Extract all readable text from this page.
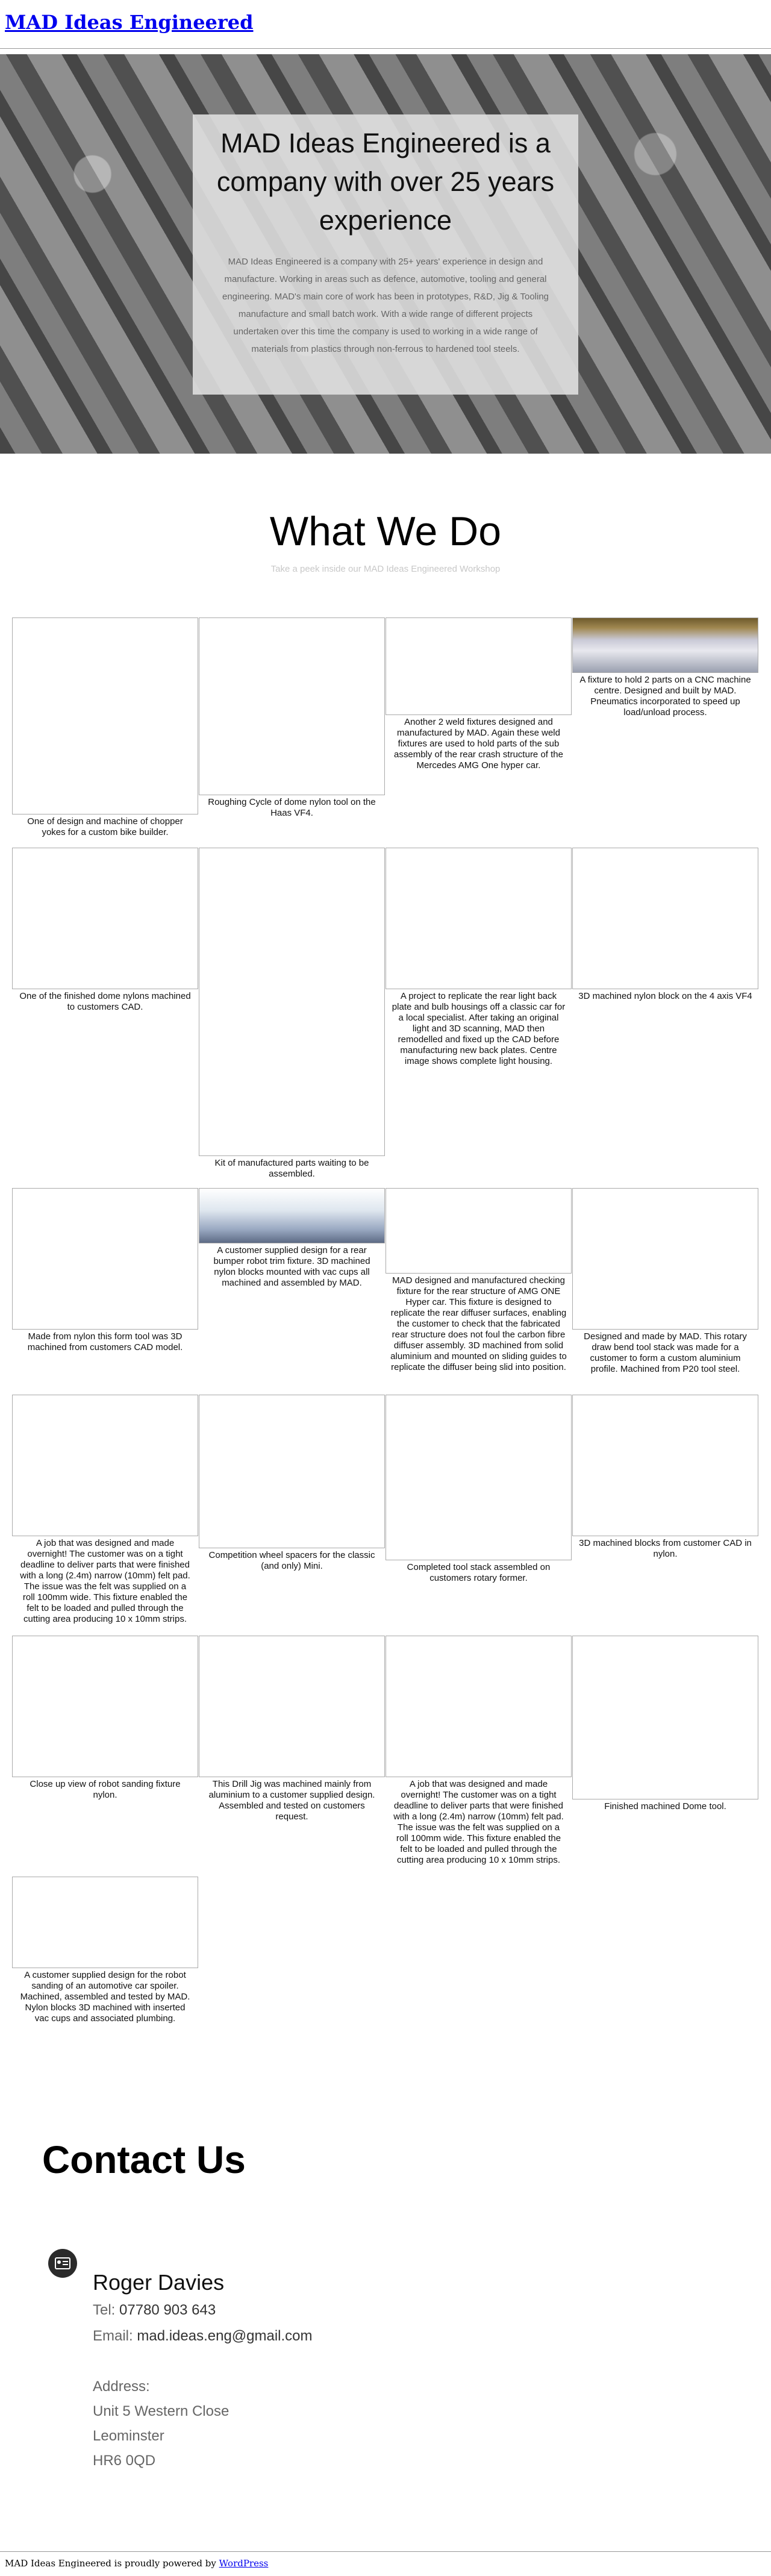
MAD Ideas Engineered
MAD Ideas Engineered is a company with over 25 years experience

MAD Ideas Engineered is a company with 25+ years' experience in design and manufacture. Working in areas such as defence, automotive, tooling and general engineering. MAD's main core of work has been in prototypes, R&D, Jig & Tooling manufacture and small batch work. With a wide range of different projects undertaken over this time the company is used to working in a wide range of materials from plastics through non-ferrous to hardened tool steels.

What We Do

Take a peek inside our MAD Ideas Engineered Workshop

One of design and machine of chopper yokes for a custom bike builder.
Roughing Cycle of dome nylon tool on the Haas VF4.
Another 2 weld fixtures designed and manufactured by MAD. Again these weld fixtures are used to hold parts of the sub assembly of the rear crash structure of the Mercedes AMG One hyper car.
A fixture to hold 2 parts on a CNC machine centre. Designed and built by MAD. Pneumatics incorporated to speed up load/unload process.
One of the finished dome nylons machined to customers CAD.
Kit of manufactured parts waiting to be assembled.
A project to replicate the rear light back plate and bulb housings off a classic car for a local specialist. After taking an original light and 3D scanning, MAD then remodelled and fixed up the CAD before manufacturing new back plates. Centre image shows complete light housing.
3D machined nylon block on the 4 axis VF4
Made from nylon this form tool was 3D machined from customers CAD model.
A customer supplied design for a rear bumper robot trim fixture. 3D machined nylon blocks mounted with vac cups all machined and assembled by MAD.	MAD designed and manufactured checking fixture for the rear structure of AMG ONE Hyper car. This fixture is designed to replicate the rear diffuser surfaces, enabling the customer to check that the fabricated rear structure does not foul the carbon fibre diffuser assembly. 3D machined from solid aluminium and mounted on sliding guides to replicate the diffuser being slid into position.
Designed and made by MAD. This rotary draw bend tool stack was made for a customer to form a custom aluminium profile. Machined from P20 tool steel.
A job that was designed and made overnight! The customer was on a tight deadline to deliver parts that were finished with a long (2.4m) narrow (10mm) felt pad. The issue was the felt was supplied on a roll 100mm wide. This fixture enabled the felt to be loaded and pulled through the cutting area producing 10 x 10mm strips.
Competition wheel spacers for the classic (and only) Mini.	Completed tool stack assembled on customers rotary former.
3D machined blocks from customer CAD in nylon.
Close up view of robot sanding fixture nylon.
This Drill Jig was machined mainly from aluminium to a customer supplied design. Assembled and tested on customers request.
A job that was designed and made overnight! The customer was on a tight deadline to deliver parts that were finished with a long (2.4m) narrow (10mm) felt pad. The issue was the felt was supplied on a roll 100mm wide. This fixture enabled the felt to be loaded and pulled through the cutting area producing 10 x 10mm strips.
Finished machined Dome tool.
A customer supplied design for the robot sanding of an automotive car spoiler. Machined, assembled and tested by MAD. Nylon blocks 3D machined with inserted vac cups and associated plumbing.
Contact Us
Roger Davies
Tel: 07780 903 643
Email: mad.ideas.eng@gmail.com
Address:
Unit 5 Western Close
Leominster
HR6 0QD
MAD Ideas Engineered is proudly powered by WordPress
